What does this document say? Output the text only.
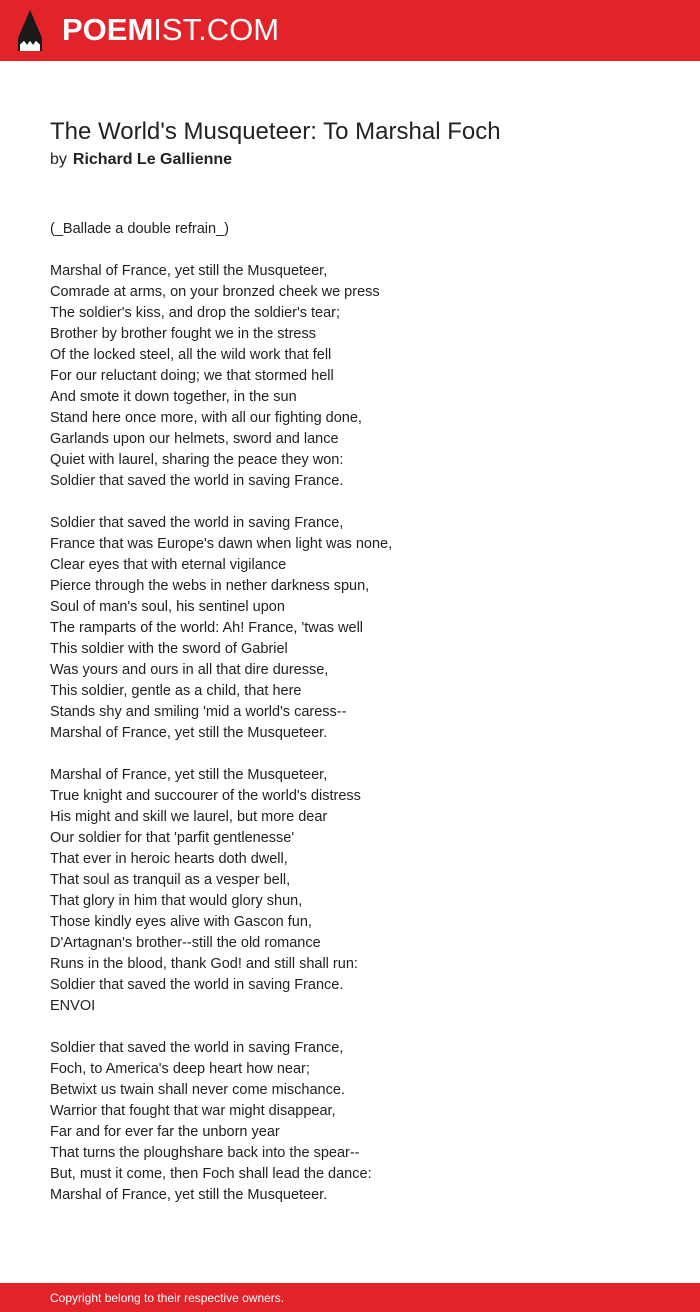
POEMIST.COM
The World's Musqueteer: To Marshal Foch
by Richard Le Gallienne
(_Ballade a double refrain_)
Marshal of France, yet still the Musqueteer,
Comrade at arms, on your bronzed cheek we press
The soldier's kiss, and drop the soldier's tear;
Brother by brother fought we in the stress
Of the locked steel, all the wild work that fell
For our reluctant doing; we that stormed hell
And smote it down together, in the sun
Stand here once more, with all our fighting done,
Garlands upon our helmets, sword and lance
Quiet with laurel, sharing the peace they won:
Soldier that saved the world in saving France.
Soldier that saved the world in saving France,
France that was Europe's dawn when light was none,
Clear eyes that with eternal vigilance
Pierce through the webs in nether darkness spun,
Soul of man's soul, his sentinel upon
The ramparts of the world: Ah! France, 'twas well
This soldier with the sword of Gabriel
Was yours and ours in all that dire duresse,
This soldier, gentle as a child, that here
Stands shy and smiling 'mid a world's caress--
Marshal of France, yet still the Musqueteer.
Marshal of France, yet still the Musqueteer,
True knight and succourer of the world's distress
His might and skill we laurel, but more dear
Our soldier for that 'parfit gentlenesse'
That ever in heroic hearts doth dwell,
That soul as tranquil as a vesper bell,
That glory in him that would glory shun,
Those kindly eyes alive with Gascon fun,
D'Artagnan's brother--still the old romance
Runs in the blood, thank God! and still shall run:
Soldier that saved the world in saving France.
ENVOI
Soldier that saved the world in saving France,
Foch, to America's deep heart how near;
Betwixt us twain shall never come mischance.
Warrior that fought that war might disappear,
Far and for ever far the unborn year
That turns the ploughshare back into the spear--
But, must it come, then Foch shall lead the dance:
Marshal of France, yet still the Musqueteer.
Copyright belong to their respective owners.
